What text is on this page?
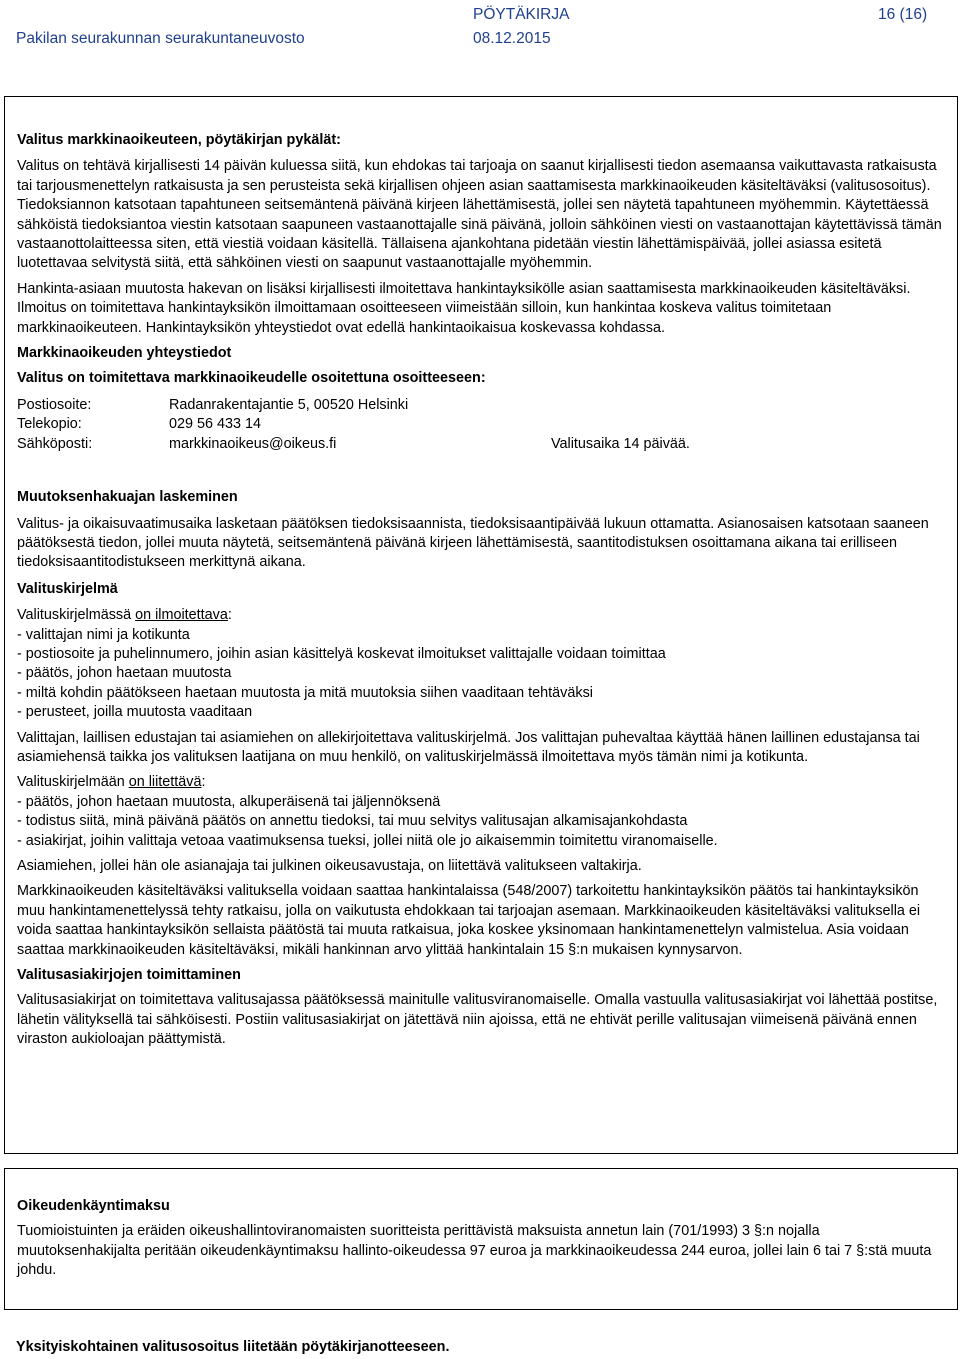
PÖYTÄKIRJA	16 (16)
Pakilan seurakunnan seurakuntaneuvosto	08.12.2015

Valitus markkinaoikeuteen, pöytäkirjan pykälät:

Valitus on tehtävä kirjallisesti 14 päivän kuluessa siitä, kun ehdokas tai tarjoaja on saanut kirjallisesti tiedon asemaansa vaikuttavasta ratkaisusta tai tarjousmenettelyn ratkaisusta ja sen perusteista sekä kirjallisen ohjeen asian saattamisesta markkinaoikeuden käsiteltäväksi (valitusosoitus). Tiedoksiannon katsotaan tapahtuneen seitsemäntenä päivänä kirjeen lähettämisestä, jollei sen näytetä tapahtuneen myöhemmin. Käytettäessä sähköistä tiedoksiantoa viestin katsotaan saapuneen vastaanottajalle sinä päivänä, jolloin sähköinen viesti on vastaanottajan käytettävissä tämän vastaanottolaitteessa siten, että viestiä voidaan käsitellä. Tällaisena ajankohtana pidetään viestin lähettämispäivää, jollei asiassa esitetä luotettavaa selvitystä siitä, että sähköinen viesti on saapunut vastaanottajalle myöhemmin.

Hankinta-asiaan muutosta hakevan on lisäksi kirjallisesti ilmoitettava hankintayksikölle asian saattamisesta markkinaoikeuden käsiteltäväksi. Ilmoitus on toimitettava hankintayksikön ilmoittamaan osoitteeseen viimeistään silloin, kun hankintaa koskeva valitus toimitetaan markkinaoikeuteen. Hankintayksikön yhteystiedot ovat edellä hankintaoikaisua koskevassa kohdassa.

Markkinaoikeuden yhteystiedot

Valitus on toimitettava markkinaoikeudelle osoitettuna osoitteeseen:

Postiosoite:	Radanrakentajantie 5, 00520 Helsinki
Telekopio:	029 56 433 14
Sähköposti:	markkinaoikeus@oikeus.fi	Valitusaika 14 päivää.

Muutoksenhakuajan laskeminen

Valitus- ja oikaisuvaatimusaika lasketaan päätöksen tiedoksisaannista, tiedoksisaantipäivää lukuun ottamatta. Asianosaisen katsotaan saaneen päätöksestä tiedon, jollei muuta näytetä, seitsemäntenä päivänä kirjeen lähettämisestä, saantitodistuksen osoittamana aikana tai erilliseen tiedoksisaantitodistukseen merkittynä aikana.

Valituskirjelmä

Valituskirjelmässä on ilmoitettava:

- valittajan nimi ja kotikunta
- postiosoite ja puhelinnumero, joihin asian käsittelyä koskevat ilmoitukset valittajalle voidaan toimittaa
- päätös, johon haetaan muutosta
- miltä kohdin päätökseen haetaan muutosta ja mitä muutoksia siihen vaaditaan tehtäväksi
- perusteet, joilla muutosta vaaditaan

Valittajan, laillisen edustajan tai asiamiehen on allekirjoitettava valituskirjelmä. Jos valittajan puhevaltaa käyttää hänen laillinen edustajansa tai asiamiehensä taikka jos valituksen laatijana on muu henkilö, on valituskirjelmässä ilmoitettava myös tämän nimi ja kotikunta.

Valituskirjelmään on liitettävä:

- päätös, johon haetaan muutosta, alkuperäisenä tai jäljennöksenä
- todistus siitä, minä päivänä päätös on annettu tiedoksi, tai muu selvitys valitusajan alkamisajankohdasta
- asiakirjat, joihin valittaja vetoaa vaatimuksensa tueksi, jollei niitä ole jo aikaisemmin toimitettu viranomaiselle.

Asiamiehen, jollei hän ole asianajaja tai julkinen oikeusavustaja, on liitettävä valitukseen valtakirja.

Markkinaoikeuden käsiteltäväksi valituksella voidaan saattaa hankintalaissa (548/2007) tarkoitettu hankintayksikön päätös tai hankintayksikön muu hankintamenettelyssä tehty ratkaisu, jolla on vaikutusta ehdokkaan tai tarjoajan asemaan. Markkinaoikeuden käsiteltäväksi valituksella ei voida saattaa hankintayksikön sellaista päätöstä tai muuta ratkaisua, joka koskee yksinomaan hankintamenettelyn valmistelua. Asia voidaan saattaa markkinaoikeuden käsiteltäväksi, mikäli hankinnan arvo ylittää hankintalain 15 §:n mukaisen kynnysarvon.

Valitusasiakirjojen toimittaminen

Valitusasiakirjat on toimitettava valitusajassa päätöksessä mainitulle valitusviranomaiselle. Omalla vastuulla valitusasiakirjat voi lähettää postitse, lähetin välityksellä tai sähköisesti. Postiin valitusasiakirjat on jätettävä niin ajoissa, että ne ehtivät perille valitusajan viimeisenä päivänä ennen viraston aukioloajan päättymistä.

Oikeudenkäyntimaksu

Tuomioistuinten ja eräiden oikeushallintoviranomaisten suoritteista perittävistä maksuista annetun lain (701/1993) 3 §:n nojalla muutoksenhakijalta peritään oikeudenkäyntimaksu hallinto-oikeudessa 97 euroa ja markkinaoikeudessa 244 euroa, jollei lain 6 tai 7 §:stä muuta johdu.

Yksityiskohtainen valitusosoitus liitetään pöytäkirjanotteeseen.
